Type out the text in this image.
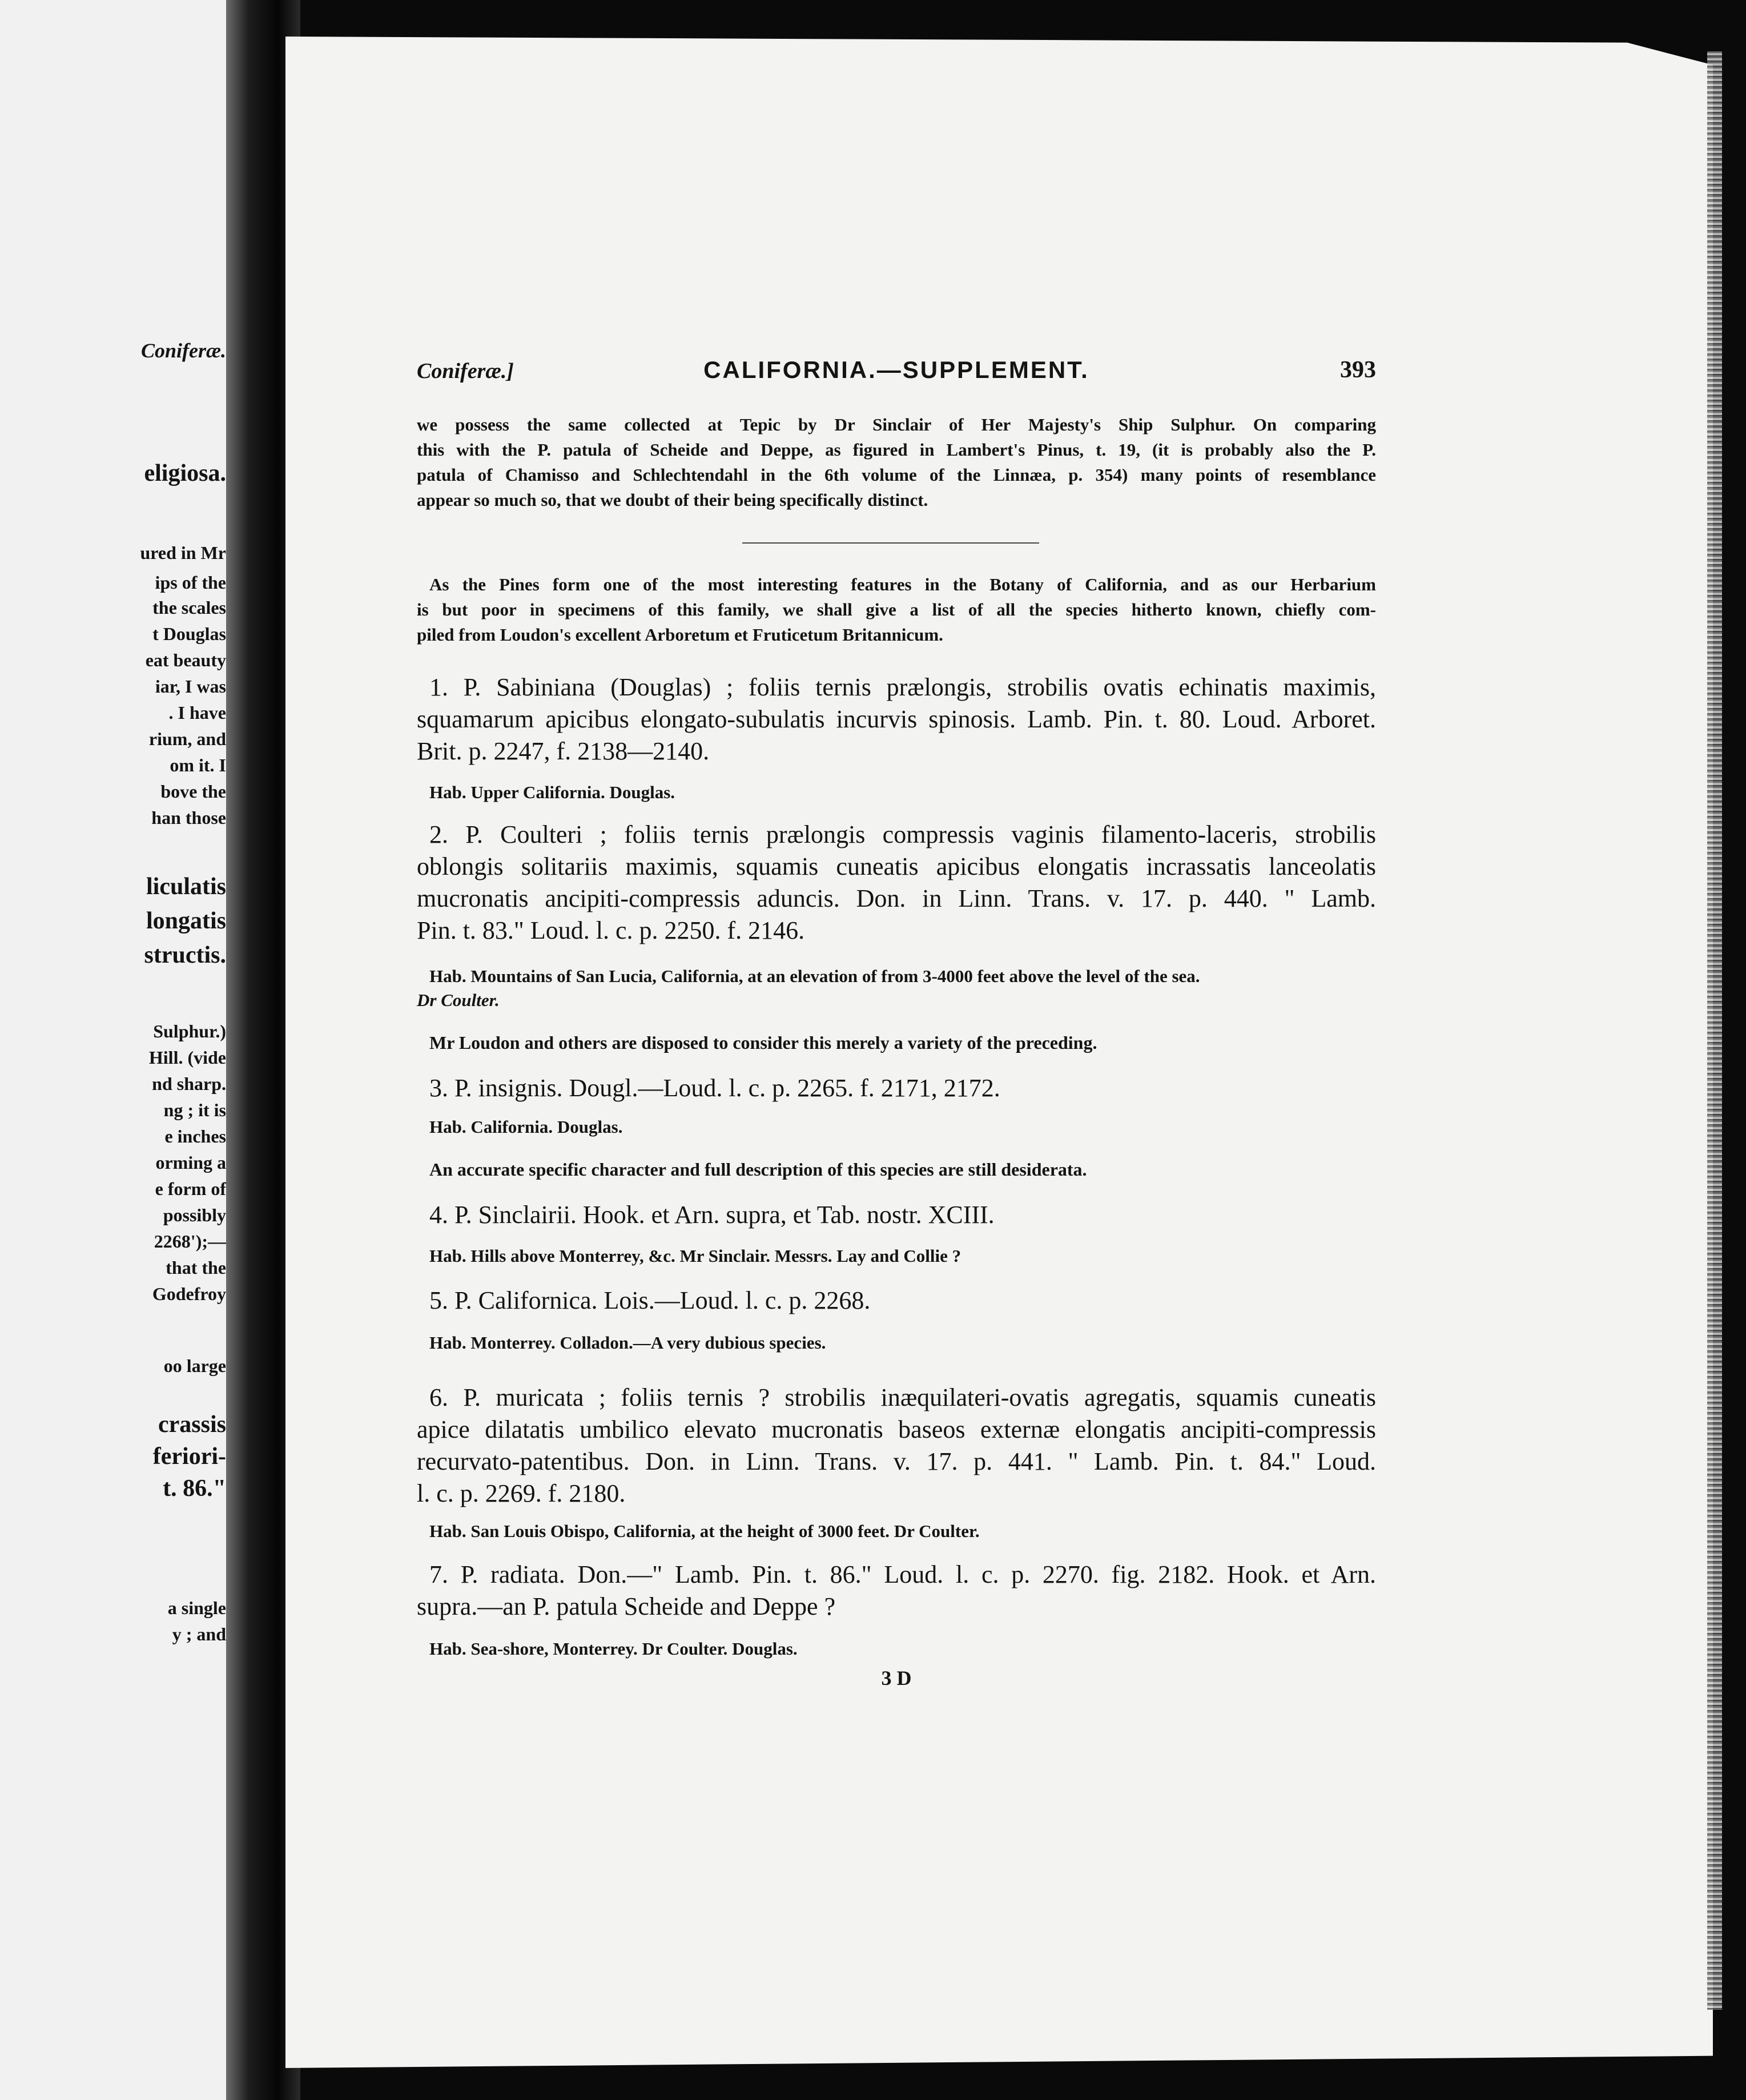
Coniferæ.
eligiosa.
ured in Mr
ips of the
the scales
t Douglas
eat beauty
iar, I was
. I have
rium, and
om it. I
bove the
han those
liculatis
longatis
structis.
Sulphur.)
Hill. (vide
nd sharp.
ng ; it is
e inches
orming a
e form of
possibly
2268');—
that the
Godefroy
oo large
crassis
feriori-
t. 86."
a single
y ; and
Coniferæ.]	CALIFORNIA.—SUPPLEMENT.	393
we possess the same collected at Tepic by Dr Sinclair of Her Majesty's Ship Sulphur. On comparing
this with the P. patula of Scheide and Deppe, as figured in Lambert's Pinus, t. 19, (it is probably also the P.
patula of Chamisso and Schlechtendahl in the 6th volume of the Linnæa, p. 354) many points of resemblance
appear so much so, that we doubt of their being specifically distinct.
As the Pines form one of the most interesting features in the Botany of California, and as our Herbarium
is but poor in specimens of this family, we shall give a list of all the species hitherto known, chiefly com-
piled from Loudon's excellent Arboretum et Fruticetum Britannicum.
1. P. Sabiniana (Douglas) ; foliis ternis prælongis, strobilis ovatis echinatis maximis,
squamarum apicibus elongato-subulatis incurvis spinosis. Lamb. Pin. t. 80. Loud. Arboret.
Brit. p. 2247, f. 2138—2140.
Hab. Upper California. Douglas.
2. P. Coulteri ; foliis ternis prælongis compressis vaginis filamento-laceris, strobilis
oblongis solitariis maximis, squamis cuneatis apicibus elongatis incrassatis lanceolatis
mucronatis ancipiti-compressis aduncis. Don. in Linn. Trans. v. 17. p. 440. " Lamb.
Pin. t. 83." Loud. l. c. p. 2250. f. 2146.
Hab. Mountains of San Lucia, California, at an elevation of from 3-4000 feet above the level of the sea.
Dr Coulter.
Mr Loudon and others are disposed to consider this merely a variety of the preceding.
3. P. insignis. Dougl.—Loud. l. c. p. 2265. f. 2171, 2172.
Hab. California. Douglas.
An accurate specific character and full description of this species are still desiderata.
4. P. Sinclairii. Hook. et Arn. supra, et Tab. nostr. XCIII.
Hab. Hills above Monterrey, &c. Mr Sinclair. Messrs. Lay and Collie ?
5. P. Californica. Lois.—Loud. l. c. p. 2268.
Hab. Monterrey. Colladon.—A very dubious species.
6. P. muricata ; foliis ternis ? strobilis inæquilateri-ovatis agregatis, squamis cuneatis
apice dilatatis umbilico elevato mucronatis baseos externæ elongatis ancipiti-compressis
recurvato-patentibus. Don. in Linn. Trans. v. 17. p. 441. " Lamb. Pin. t. 84." Loud.
l. c. p. 2269. f. 2180.
Hab. San Louis Obispo, California, at the height of 3000 feet. Dr Coulter.
7. P. radiata. Don.—" Lamb. Pin. t. 86." Loud. l. c. p. 2270. fig. 2182. Hook. et Arn.
supra.—an P. patula Scheide and Deppe ?
Hab. Sea-shore, Monterrey. Dr Coulter. Douglas.
3 D
